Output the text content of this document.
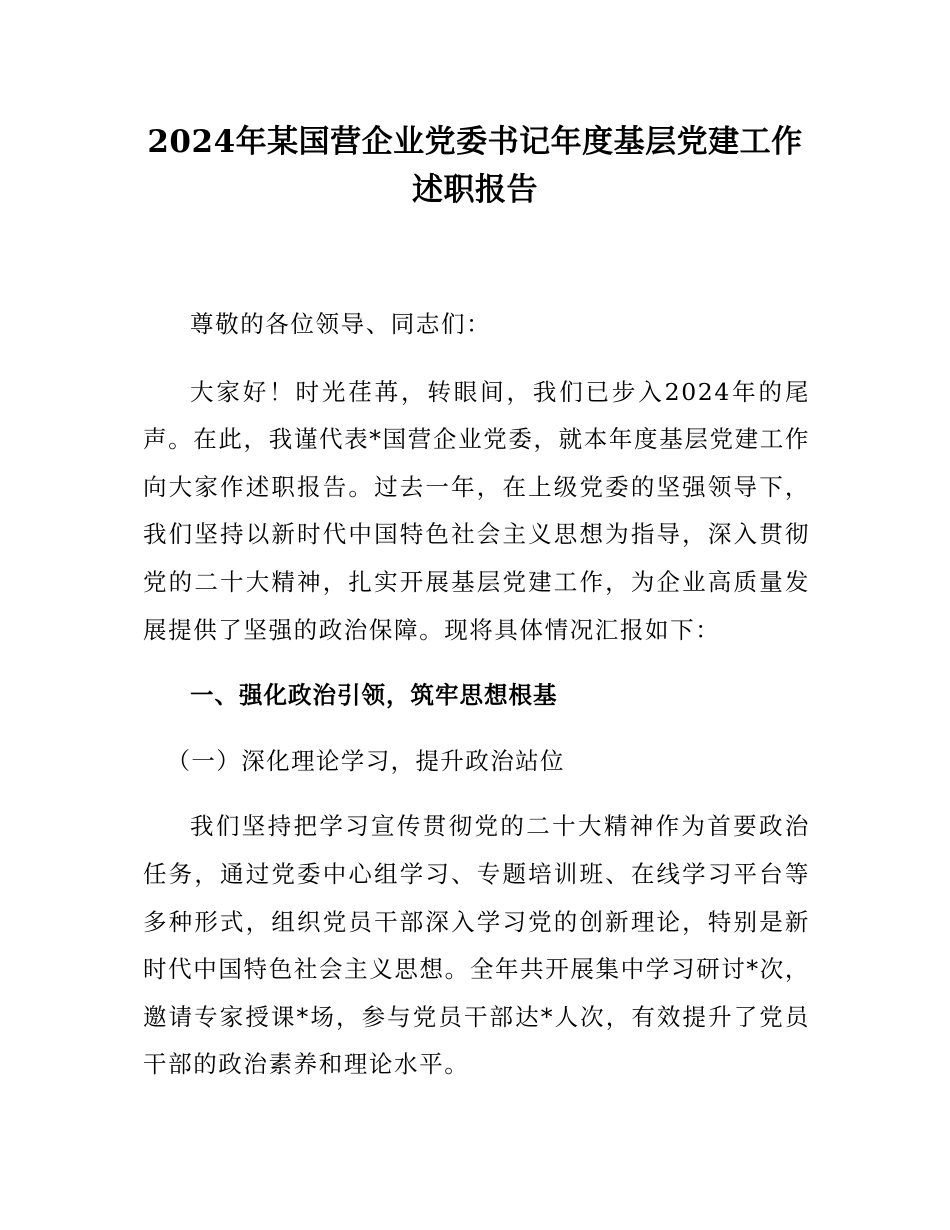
2024年某国营企业党委书记年度基层党建工作述职报告

尊敬的各位领导、同志们：

大家好！时光荏苒，转眼间，我们已步入2024年的尾声。在此，我谨代表*国营企业党委，就本年度基层党建工作向大家作述职报告。过去一年，在上级党委的坚强领导下，我们坚持以新时代中国特色社会主义思想为指导，深入贯彻党的二十大精神，扎实开展基层党建工作，为企业高质量发展提供了坚强的政治保障。现将具体情况汇报如下：

一、强化政治引领，筑牢思想根基
（一）深化理论学习，提升政治站位

我们坚持把学习宣传贯彻党的二十大精神作为首要政治任务，通过党委中心组学习、专题培训班、在线学习平台等多种形式，组织党员干部深入学习党的创新理论，特别是新时代中国特色社会主义思想。全年共开展集中学习研讨*次，邀请专家授课*场，参与党员干部达*人次，有效提升了党员干部的政治素养和理论水平。
